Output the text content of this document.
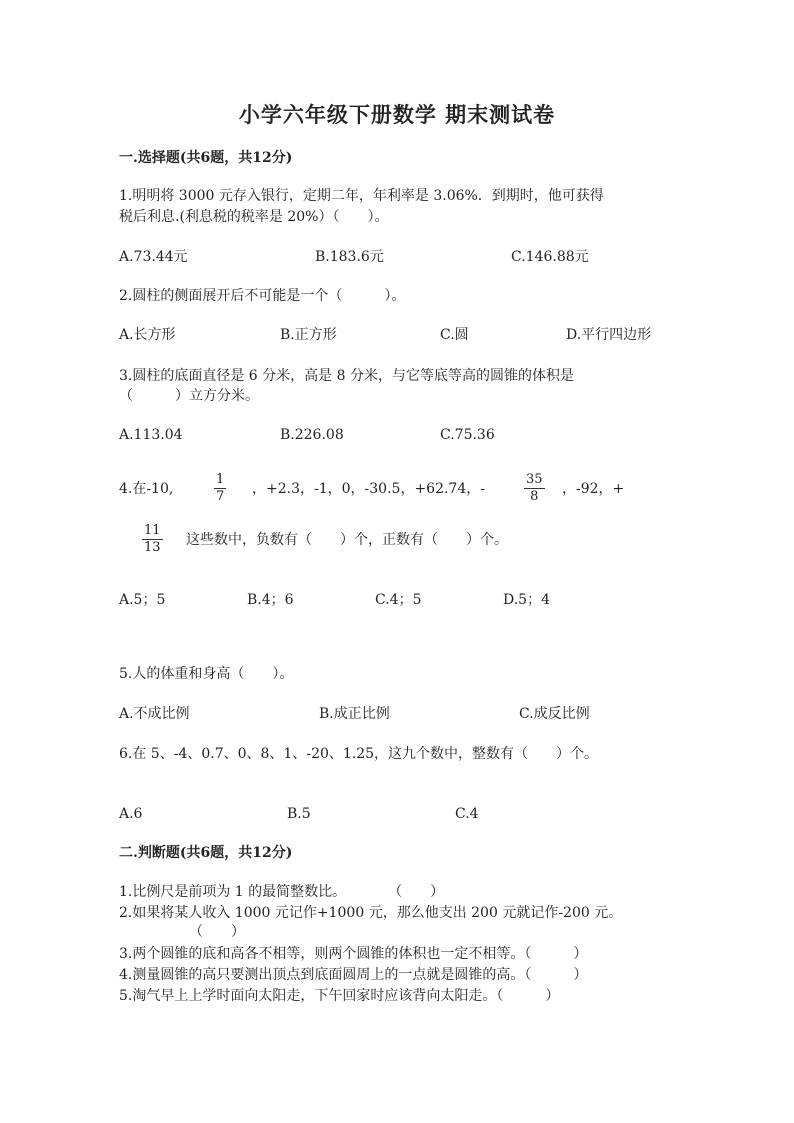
小学六年级下册数学 期末测试卷
一.选择题(共6题，共12分)
1.明明将 3000 元存入银行，定期二年，年利率是 3.06%．到期时，他可获得
税后利息.(利息税的税率是 20%）（　　）。
A.73.44元	B.183.6元	C.146.88元
2.圆柱的侧面展开后不可能是一个（　　　）。
A.长方形	B.正方形	C.圆	D.平行四边形
3.圆柱的底面直径是 6 分米，高是 8 分米，与它等底等高的圆锥的体积是
（　　　）立方分米。
A.113.04	B.226.08	C.75.36
4.在-10,
1
7 ，+2.3，-1，0，-30.5，+62.74，-
35
8 ，-92，+
11
13 这些数中，负数有（　　）个，正数有（　　）个。
A.5；5	B.4；6	C.4；5	D.5；4
5.人的体重和身高（　　）。
A.不成比例	B.成正比例	C.成反比例
6.在 5、-4、0.7、0、8、1、-20、1.25，这九个数中，整数有（　　）个。
A.6	B.5	C.4
二.判断题(共6题，共12分)
1.比例尺是前项为 1 的最简整数比。　　　　（　　）
2.如果将某人收入 1000 元记作+1000 元，那么他支出 200 元就记作-200 元。
（　　）
3.两个圆锥的底和高各不相等，则两个圆锥的体积也一定不相等。（　　　）
4.测量圆锥的高只要测出顶点到底面圆周上的一点就是圆锥的高。（　　　）
5.淘气早上上学时面向太阳走，下午回家时应该背向太阳走。（　　　）
